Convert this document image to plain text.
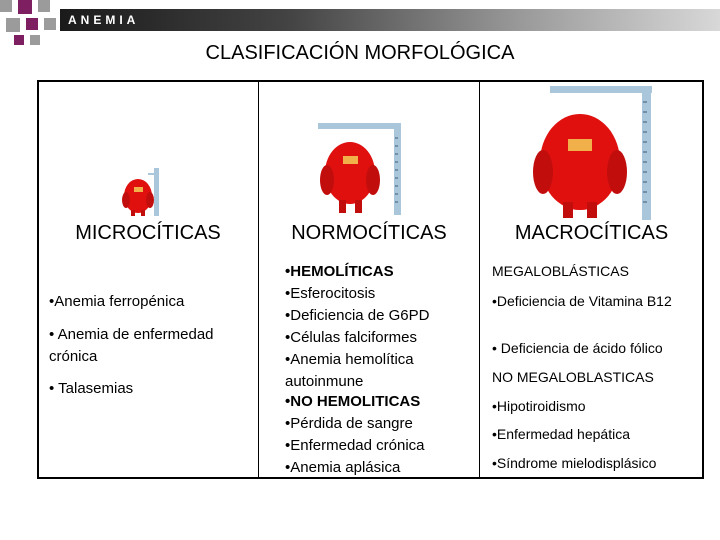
ANEMIA
CLASIFICACIÓN MORFOLÓGICA
MICROCÍTICAS	NORMOCÍTICAS	MACROCÍTICAS
•Anemia ferropénica
• Anemia de enfermedad crónica
• Talasemias
•HEMOLÍTICAS
•Esferocitosis
•Deficiencia de G6PD
•Células falciformes
•Anemia hemolítica autoinmune
•NO HEMOLITICAS
•Pérdida de sangre
•Enfermedad crónica
•Anemia aplásica
MEGALOBLÁSTICAS
•Deficiencia de Vitamina B12
• Deficiencia de ácido fólico
NO MEGALOBLASTICAS
•Hipotiroidismo
•Enfermedad hepática
•Síndrome mielodisplásico
